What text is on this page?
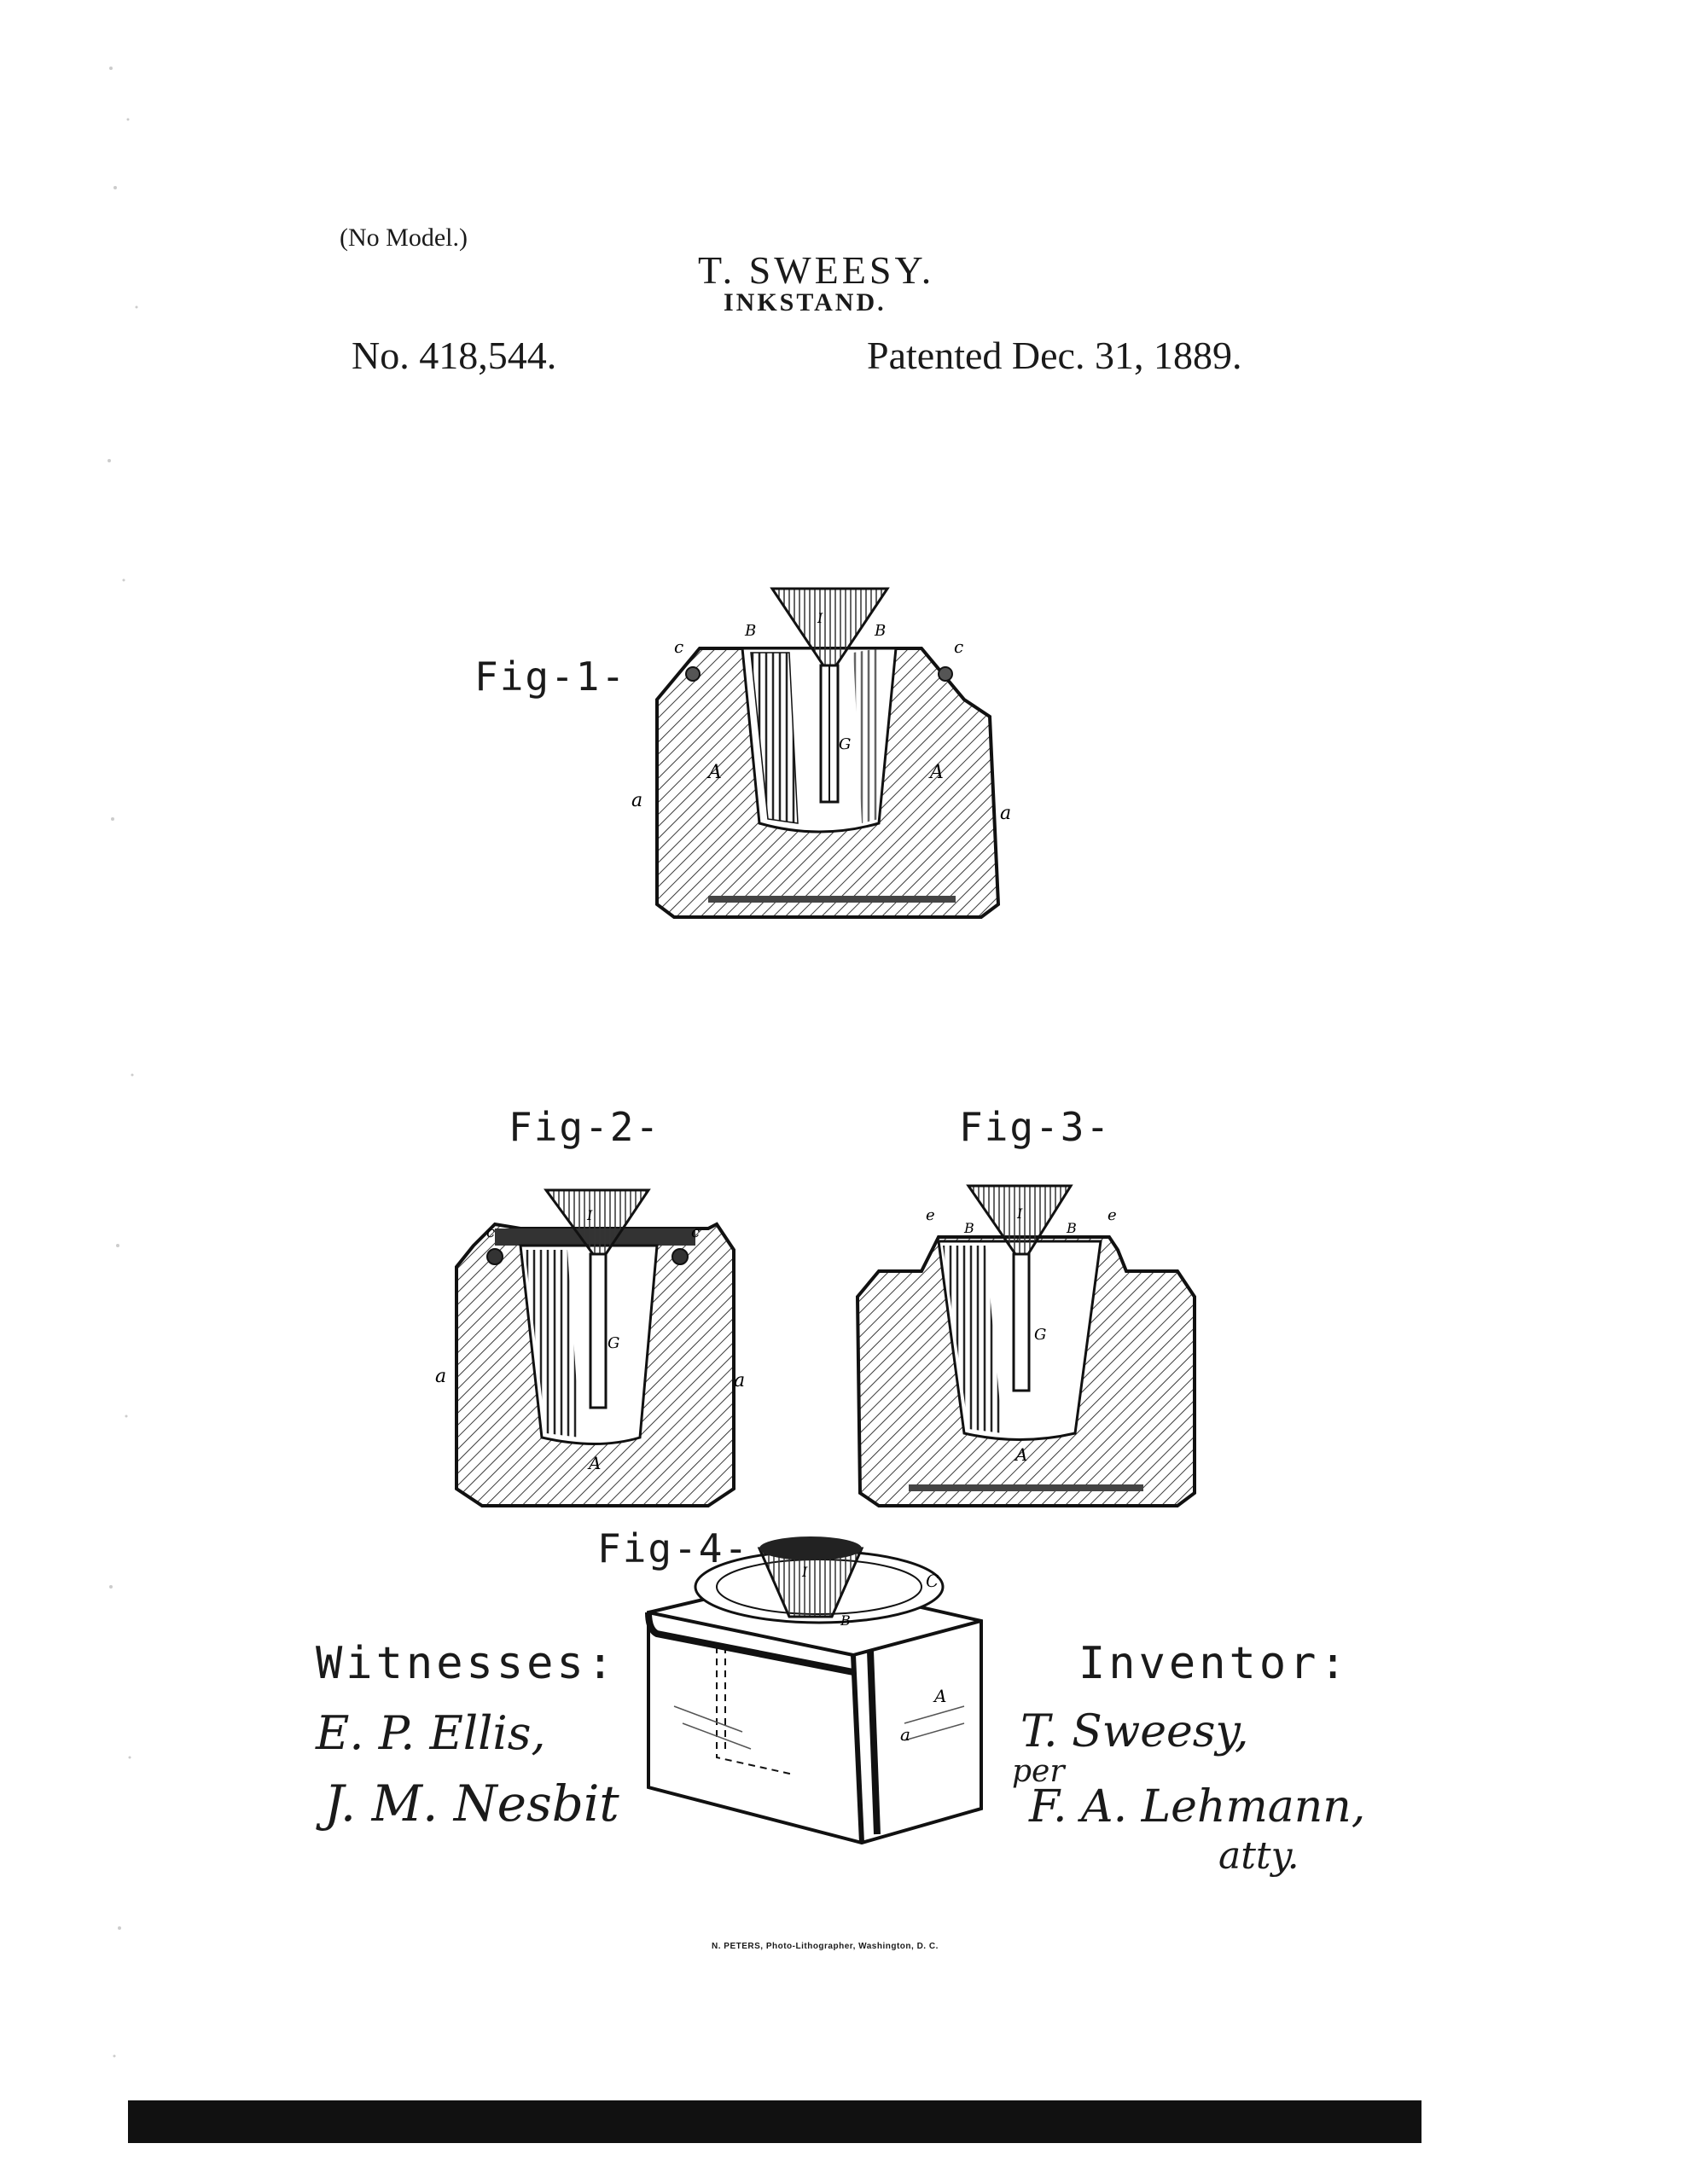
(No Model.)
T. SWEESY.
INKSTAND.
No. 418,544.	Patented Dec. 31, 1889.
c	c
B	B
I
G
A	A
a
a
c	c
I
G
A
a	a
e	e
B	B
I
G
A
I
B
C
A
a
Fig-1-
Fig-2-	Fig-3-
Fig-4-
Witnesses:
E. P. Ellis,
J. M. Nesbit
Inventor:
T. Sweesy,
per
F. A. Lehmann,
atty.
N. PETERS, Photo-Lithographer, Washington, D. C.
